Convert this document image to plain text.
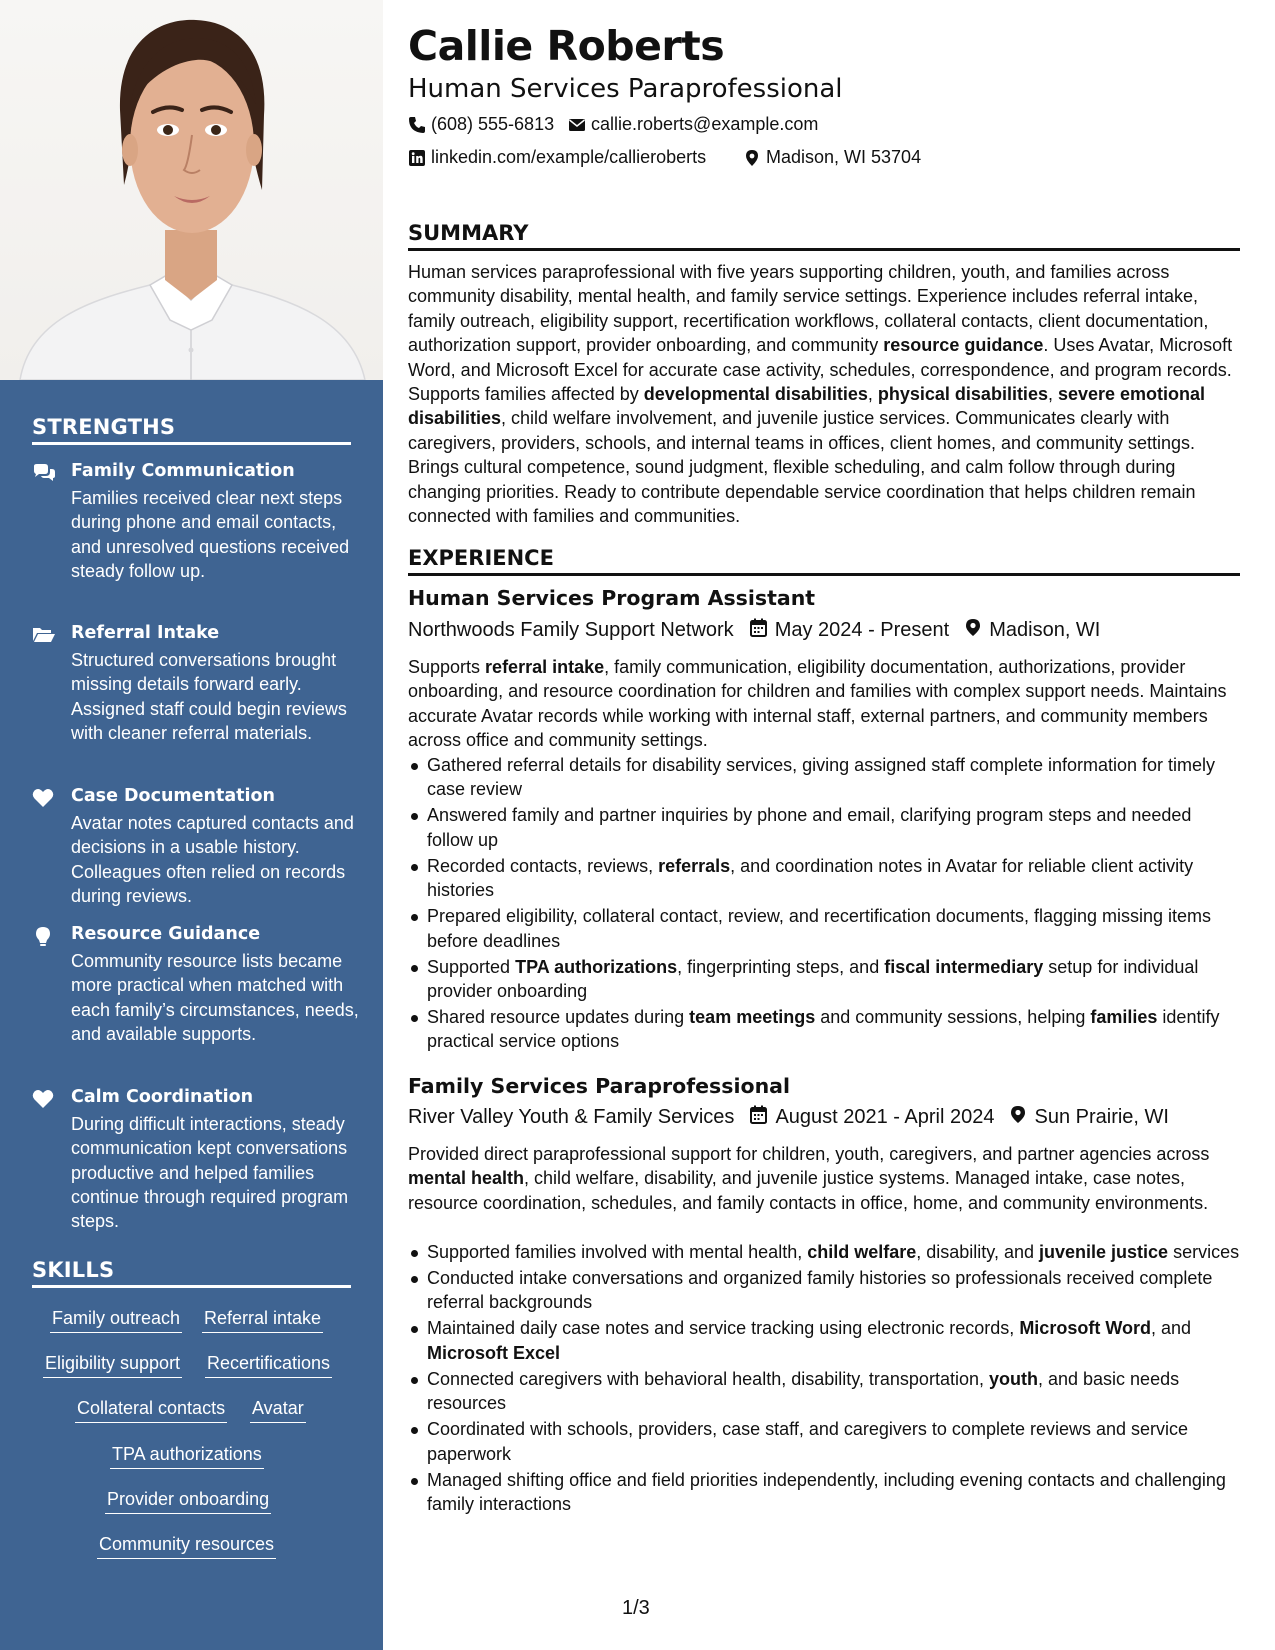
STRENGTHS
Family Communication
Families received clear next steps during phone and email contacts, and unresolved questions received steady follow up.
Referral Intake
Structured conversations brought missing details forward early. Assigned staff could begin reviews with cleaner referral materials.
Case Documentation
Avatar notes captured contacts and decisions in a usable history. Colleagues often relied on records during reviews.
Resource Guidance
Community resource lists became more practical when matched with each family’s circumstances, needs, and available supports.
Calm Coordination
During difficult interactions, steady communication kept conversations productive and helped families continue through required program steps.
SKILLS
Family outreach Referral intake
Eligibility support Recertifications
Collateral contacts Avatar
TPA authorizations
Provider onboarding
Community resources
Callie Roberts
Human Services Paraprofessional
(608) 555-6813 callie.roberts@example.com
linkedin.com/example/callieroberts	Madison, WI 53704
SUMMARY
Human services paraprofessional with five years supporting children, youth, and families across community disability, mental health, and family service settings. Experience includes referral intake, family outreach, eligibility support, recertification workflows, collateral contacts, client documentation, authorization support, provider onboarding, and community resource guidance. Uses Avatar, Microsoft Word, and Microsoft Excel for accurate case activity, schedules, correspondence, and program records. Supports families affected by developmental disabilities, physical disabilities, severe emotional disabilities, child welfare involvement, and juvenile justice services. Communicates clearly with caregivers, providers, schools, and internal teams in offices, client homes, and community settings. Brings cultural competence, sound judgment, flexible scheduling, and calm follow through during changing priorities. Ready to contribute dependable service coordination that helps children remain connected with families and communities.
EXPERIENCE
Human Services Program Assistant
Northwoods Family Support Network May 2024 - Present Madison, WI
Supports referral intake, family communication, eligibility documentation, authorizations, provider onboarding, and resource coordination for children and families with complex support needs. Maintains accurate Avatar records while working with internal staff, external partners, and community members across office and community settings.
Gathered referral details for disability services, giving assigned staff complete information for timely case review
Answered family and partner inquiries by phone and email, clarifying program steps and needed follow up
Recorded contacts, reviews, referrals, and coordination notes in Avatar for reliable client activity histories
Prepared eligibility, collateral contact, review, and recertification documents, flagging missing items before deadlines
Supported TPA authorizations, fingerprinting steps, and fiscal intermediary setup for individual provider onboarding
Shared resource updates during team meetings and community sessions, helping families identify practical service options
Family Services Paraprofessional
River Valley Youth & Family Services August 2021 - April 2024 Sun Prairie, WI
Provided direct paraprofessional support for children, youth, caregivers, and partner agencies across mental health, child welfare, disability, and juvenile justice systems. Managed intake, case notes, resource coordination, schedules, and family contacts in office, home, and community environments.
Supported families involved with mental health, child welfare, disability, and juvenile justice services
Conducted intake conversations and organized family histories so professionals received complete referral backgrounds
Maintained daily case notes and service tracking using electronic records, Microsoft Word, and Microsoft Excel
Connected caregivers with behavioral health, disability, transportation, youth, and basic needs resources
Coordinated with schools, providers, case staff, and caregivers to complete reviews and service paperwork
Managed shifting office and field priorities independently, including evening contacts and challenging family interactions
1/3
